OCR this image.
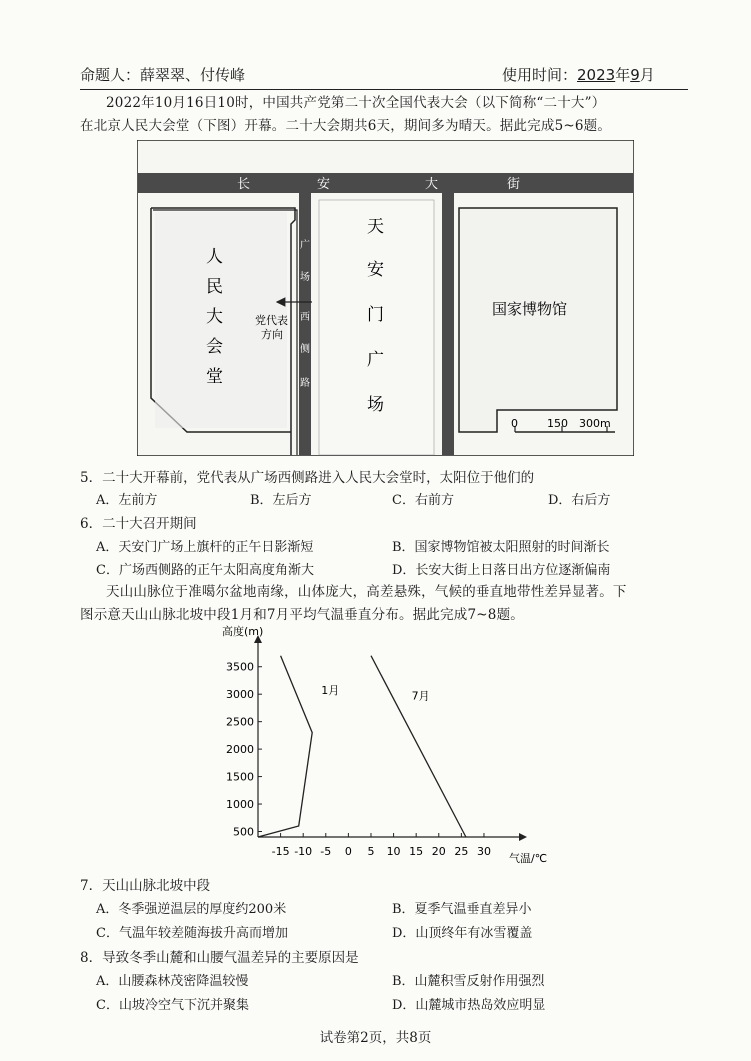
命题人：薛翠翠、付传峰	使用时间：2023年9月
2022年10月16日10时，中国共产党第二十次全国代表大会（以下简称“二十大”）
在北京人民大会堂（下图）开幕。二十大会期共6天，期间多为晴天。据此完成5~6题。
长	安	大	街
人
民
大
会
堂
广
场
西
侧
路
党代表
方向
天
安
门
广
场
国家博物馆
0	150 300m
5．二十大开幕前，党代表从广场西侧路进入人民大会堂时，太阳位于他们的
A．左前方	B．左后方	C．右前方	D．右后方
6．二十大召开期间
A．天安门广场上旗杆的正午日影渐短	B．国家博物馆被太阳照射的时间渐长
C．广场西侧路的正午太阳高度角渐大	D．长安大街上日落日出方位逐渐偏南
天山山脉位于准噶尔盆地南缘，山体庞大，高差悬殊，气候的垂直地带性差异显著。下
图示意天山山脉北坡中段1月和7月平均气温垂直分布。据此完成7~8题。
高度(m)
气温/℃
500
1000
1500
2000
2500
3000
3500
-15 -10 -5 0 5 10 15 20 25 30
1月	7月
7．天山山脉北坡中段
A．冬季强逆温层的厚度约200米	B．夏季气温垂直差异小
C．气温年较差随海拔升高而增加	D．山顶终年有冰雪覆盖
8．导致冬季山麓和山腰气温差异的主要原因是
A．山腰森林茂密降温较慢	B．山麓积雪反射作用强烈
C．山坡冷空气下沉并聚集	D．山麓城市热岛效应明显
试卷第2页，共8页
